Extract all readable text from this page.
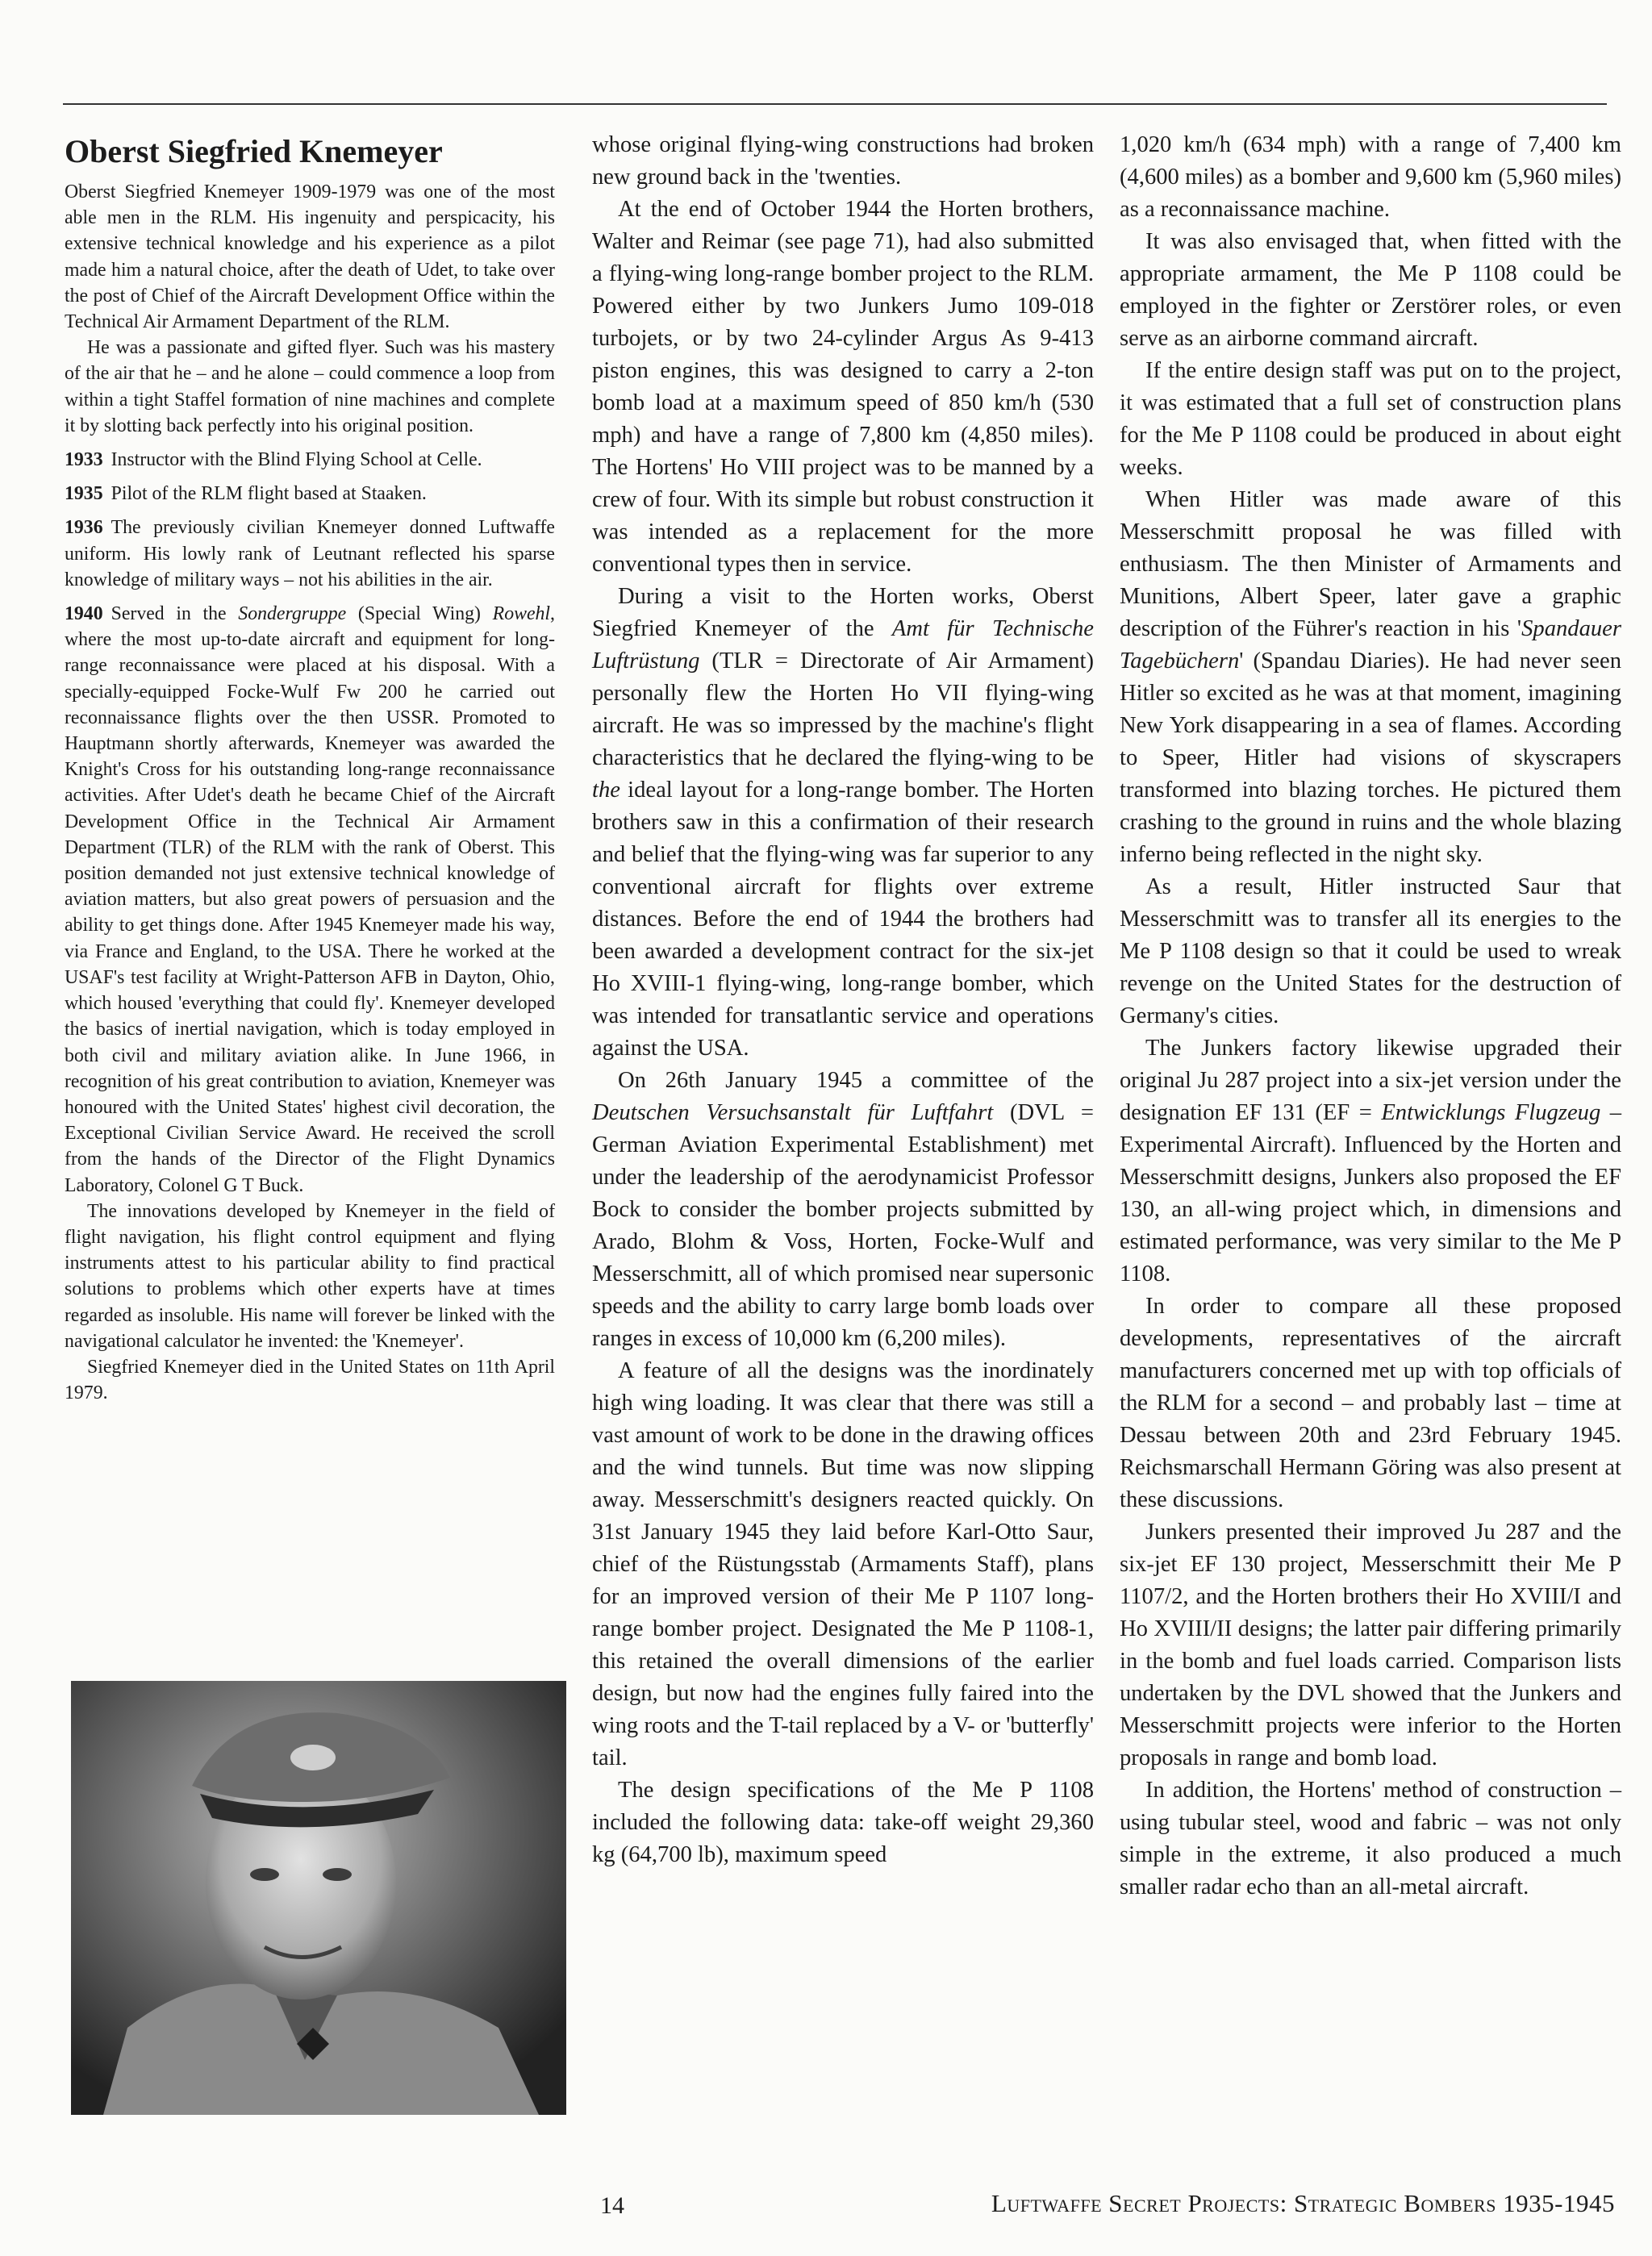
Oberst Siegfried Knemeyer

Oberst Siegfried Knemeyer 1909-1979 was one of the most able men in the RLM. His ingenuity and perspicacity, his extensive technical knowledge and his experience as a pilot made him a natural choice, after the death of Udet, to take over the post of Chief of the Aircraft Development Office within the Technical Air Armament Department of the RLM.

He was a passionate and gifted flyer. Such was his mastery of the air that he – and he alone – could commence a loop from within a tight Staffel formation of nine machines and complete it by slotting back perfectly into his original position.

1933 Instructor with the Blind Flying School at Celle.

1935 Pilot of the RLM flight based at Staaken.

1936 The previously civilian Knemeyer donned Luftwaffe uniform. His lowly rank of Leutnant reflected his sparse knowledge of military ways – not his abilities in the air.

1940 Served in the Sondergruppe (Special Wing) Rowehl, where the most up-to-date aircraft and equipment for long-range reconnaissance were placed at his disposal. With a specially-equipped Focke-Wulf Fw 200 he carried out reconnaissance flights over the then USSR. Promoted to Hauptmann shortly afterwards, Knemeyer was awarded the Knight's Cross for his outstanding long-range reconnaissance activities. After Udet's death he became Chief of the Aircraft Development Office in the Technical Air Armament Department (TLR) of the RLM with the rank of Oberst. This position demanded not just extensive technical knowledge of aviation matters, but also great powers of persuasion and the ability to get things done. After 1945 Knemeyer made his way, via France and England, to the USA. There he worked at the USAF's test facility at Wright-Patterson AFB in Dayton, Ohio, which housed 'everything that could fly'. Knemeyer developed the basics of inertial navigation, which is today employed in both civil and military aviation alike. In June 1966, in recognition of his great contribution to aviation, Knemeyer was honoured with the United States' highest civil decoration, the Exceptional Civilian Service Award. He received the scroll from the hands of the Director of the Flight Dynamics Laboratory, Colonel G T Buck.

The innovations developed by Knemeyer in the field of flight navigation, his flight control equipment and flying instruments attest to his particular ability to find practical solutions to problems which other experts have at times regarded as insoluble. His name will forever be linked with the navigational calculator he invented: the 'Knemeyer'.

Siegfried Knemeyer died in the United States on 11th April 1979.

whose original flying-wing constructions had broken new ground back in the 'twenties.

At the end of October 1944 the Horten brothers, Walter and Reimar (see page 71), had also submitted a flying-wing long-range bomber project to the RLM. Powered either by two Junkers Jumo 109-018 turbojets, or by two 24-cylinder Argus As 9-413 piston engines, this was designed to carry a 2-ton bomb load at a maximum speed of 850 km/h (530 mph) and have a range of 7,800 km (4,850 miles). The Hortens' Ho VIII project was to be manned by a crew of four. With its simple but robust construction it was intended as a replacement for the more conventional types then in service.

During a visit to the Horten works, Oberst Siegfried Knemeyer of the Amt für Technische Luftrüstung (TLR = Directorate of Air Armament) personally flew the Horten Ho VII flying-wing aircraft. He was so impressed by the machine's flight characteristics that he declared the flying-wing to be the ideal layout for a long-range bomber. The Horten brothers saw in this a confirmation of their research and belief that the flying-wing was far superior to any conventional aircraft for flights over extreme distances. Before the end of 1944 the brothers had been awarded a development contract for the six-jet Ho XVIII-1 flying-wing, long-range bomber, which was intended for transatlantic service and operations against the USA.

On 26th January 1945 a committee of the Deutschen Versuchsanstalt für Luftfahrt (DVL = German Aviation Experimental Establishment) met under the leadership of the aerodynamicist Professor Bock to consider the bomber projects submitted by Arado, Blohm & Voss, Horten, Focke-Wulf and Messerschmitt, all of which promised near supersonic speeds and the ability to carry large bomb loads over ranges in excess of 10,000 km (6,200 miles).

A feature of all the designs was the inordinately high wing loading. It was clear that there was still a vast amount of work to be done in the drawing offices and the wind tunnels. But time was now slipping away. Messerschmitt's designers reacted quickly. On 31st January 1945 they laid before Karl-Otto Saur, chief of the Rüstungsstab (Armaments Staff), plans for an improved version of their Me P 1107 long-range bomber project. Designated the Me P 1108-1, this retained the overall dimensions of the earlier design, but now had the engines fully faired into the wing roots and the T-tail replaced by a V- or 'butterfly' tail.

The design specifications of the Me P 1108 included the following data: take-off weight 29,360 kg (64,700 lb), maximum speed

1,020 km/h (634 mph) with a range of 7,400 km (4,600 miles) as a bomber and 9,600 km (5,960 miles) as a reconnaissance machine.

It was also envisaged that, when fitted with the appropriate armament, the Me P 1108 could be employed in the fighter or Zerstörer roles, or even serve as an airborne command aircraft.

If the entire design staff was put on to the project, it was estimated that a full set of construction plans for the Me P 1108 could be produced in about eight weeks.

When Hitler was made aware of this Messerschmitt proposal he was filled with enthusiasm. The then Minister of Armaments and Munitions, Albert Speer, later gave a graphic description of the Führer's reaction in his 'Spandauer Tagebüchern' (Spandau Diaries). He had never seen Hitler so excited as he was at that moment, imagining New York disappearing in a sea of flames. According to Speer, Hitler had visions of skyscrapers transformed into blazing torches. He pictured them crashing to the ground in ruins and the whole blazing inferno being reflected in the night sky.

As a result, Hitler instructed Saur that Messerschmitt was to transfer all its energies to the Me P 1108 design so that it could be used to wreak revenge on the United States for the destruction of Germany's cities.

The Junkers factory likewise upgraded their original Ju 287 project into a six-jet version under the designation EF 131 (EF = Entwicklungs Flugzeug – Experimental Aircraft). Influenced by the Horten and Messerschmitt designs, Junkers also proposed the EF 130, an all-wing project which, in dimensions and estimated performance, was very similar to the Me P 1108.

In order to compare all these proposed developments, representatives of the aircraft manufacturers concerned met up with top officials of the RLM for a second – and probably last – time at Dessau between 20th and 23rd February 1945. Reichsmarschall Hermann Göring was also present at these discussions.

Junkers presented their improved Ju 287 and the six-jet EF 130 project, Messerschmitt their Me P 1107/2, and the Horten brothers their Ho XVIII/I and Ho XVIII/II designs; the latter pair differing primarily in the bomb and fuel loads carried. Comparison lists undertaken by the DVL showed that the Junkers and Messerschmitt projects were inferior to the Horten proposals in range and bomb load.

In addition, the Hortens' method of construction – using tubular steel, wood and fabric – was not only simple in the extreme, it also produced a much smaller radar echo than an all-metal aircraft.

14	Luftwaffe Secret Projects: Strategic Bombers 1935-1945
